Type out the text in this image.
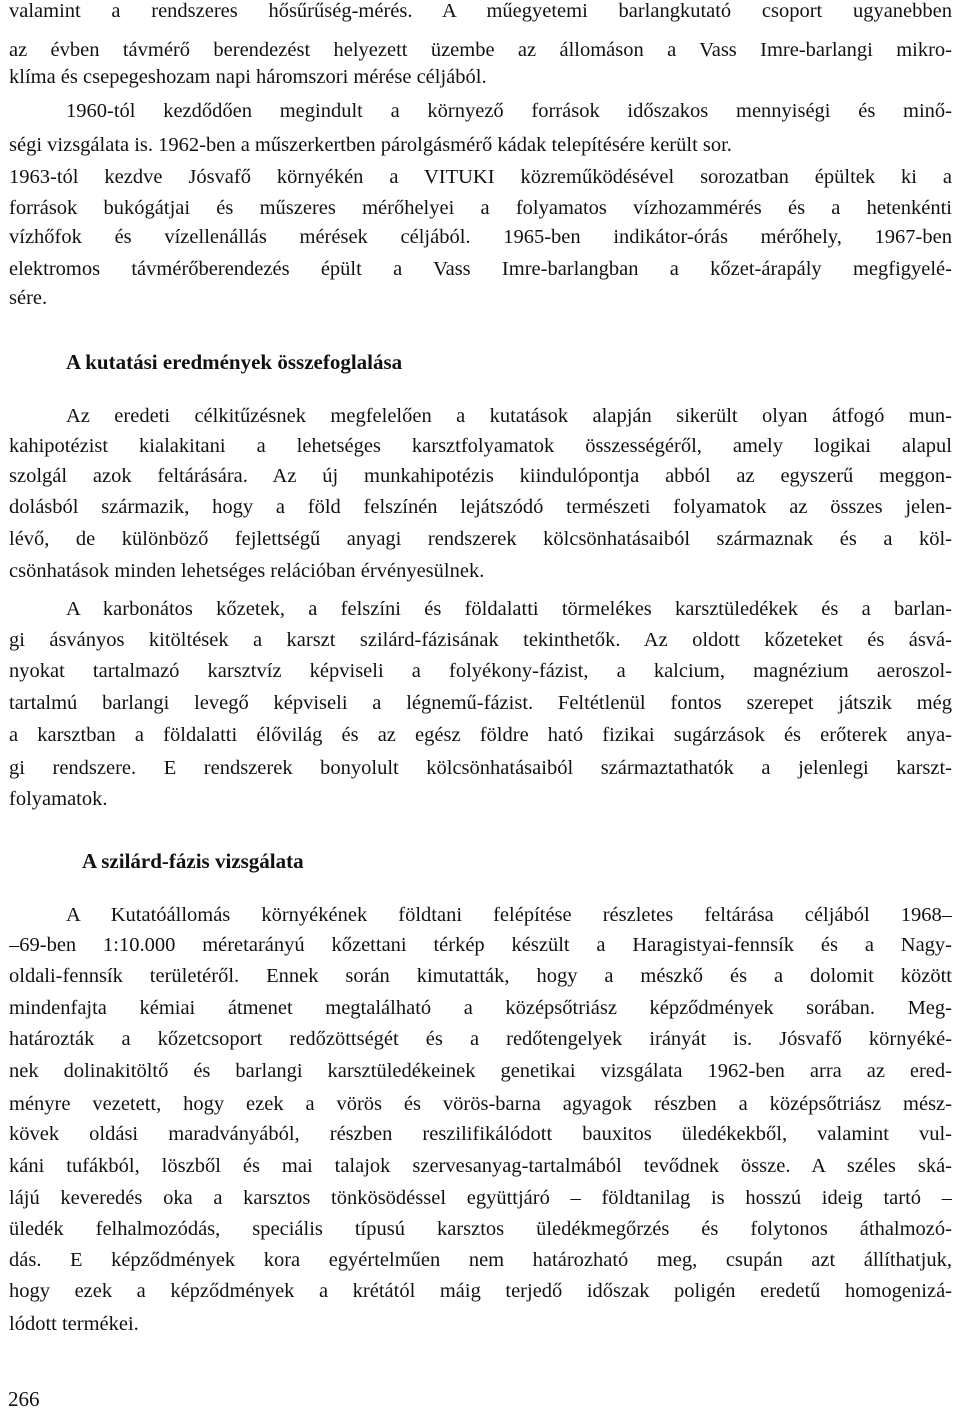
valamint a rendszeres hősűrűség-mérés. A műegyetemi barlangkutató csoport ugyanebben
az évben távmérő berendezést helyezett üzembe az állomáson a Vass Imre-barlangi mikro-
klíma és csepegeshozam napi háromszori mérése céljából.
1960-tól kezdődően megindult a környező források időszakos mennyiségi és minő-
ségi vizsgálata is. 1962-ben a műszerkertben párolgásmérő kádak telepítésére került sor.
1963-tól kezdve Jósvafő környékén a VITUKI közreműködésével sorozatban épültek ki a
források bukógátjai és műszeres mérőhelyei a folyamatos vízhozammérés és a hetenkénti
vízhőfok és vízellenállás mérések céljából. 1965-ben indikátor-órás mérőhely, 1967-ben
elektromos távmérőberendezés épült a Vass Imre-barlangban a kőzet-árapály megfigyelé-
sére.
A kutatási eredmények összefoglalása
Az eredeti célkitűzésnek megfelelően a kutatások alapján sikerült olyan átfogó mun-
kahipotézist kialakitani a lehetséges karsztfolyamatok összességéről, amely logikai alapul
szolgál azok feltárására. Az új munkahipotézis kiindulópontja abból az egyszerű meggon-
dolásból származik, hogy a föld felszínén lejátszódó természeti folyamatok az összes jelen-
lévő, de különböző fejlettségű anyagi rendszerek kölcsönhatásaiból származnak és a köl-
csönhatások minden lehetséges relációban érvényesülnek.
A karbonátos kőzetek, a felszíni és földalatti törmelékes karsztüledékek és a barlan-
gi ásványos kitöltések a karszt szilárd-fázisának tekinthetők. Az oldott kőzeteket és ásvá-
nyokat tartalmazó karsztvíz képviseli a folyékony-fázist, a kalcium, magnézium aeroszol-
tartalmú barlangi levegő képviseli a légnemű-fázist. Feltétlenül fontos szerepet játszik még
a karsztban a földalatti élővilág és az egész földre ható fizikai sugárzások és erőterek anya-
gi rendszere. E rendszerek bonyolult kölcsönhatásaiból származtathatók a jelenlegi karszt-
folyamatok.
A szilárd-fázis vizsgálata
A Kutatóállomás környékének földtani felépítése részletes feltárása céljából 1968–
–69-ben 1:10.000 méretarányú kőzettani térkép készült a Haragistyai-fennsík és a Nagy-
oldali-fennsík területéről. Ennek során kimutatták, hogy a mészkő és a dolomit között
mindenfajta kémiai átmenet megtalálható a középsőtriász képződmények sorában. Meg-
határozták a kőzetcsoport redőzöttségét és a redőtengelyek irányát is. Jósvafő környéké-
nek dolinakitöltő és barlangi karsztüledékeinek genetikai vizsgálata 1962-ben arra az ered-
ményre vezetett, hogy ezek a vörös és vörös-barna agyagok részben a középsőtriász mész-
kövek oldási maradványából, részben reszilifikálódott bauxitos üledékekből, valamint vul-
káni tufákból, löszből és mai talajok szervesanyag-tartalmából tevődnek össze. A széles ská-
lájú keveredés oka a karsztos tönkösödéssel együttjáró – földtanilag is hosszú ideig tartó –
üledék felhalmozódás, speciális típusú karsztos üledékmegőrzés és folytonos áthalmozó-
dás. E képződmények kora egyértelműen nem határozható meg, csupán azt állíthatjuk,
hogy ezek a képződmények a krétától máig terjedő időszak poligén eredetű homogenizá-
lódott termékei.
266
